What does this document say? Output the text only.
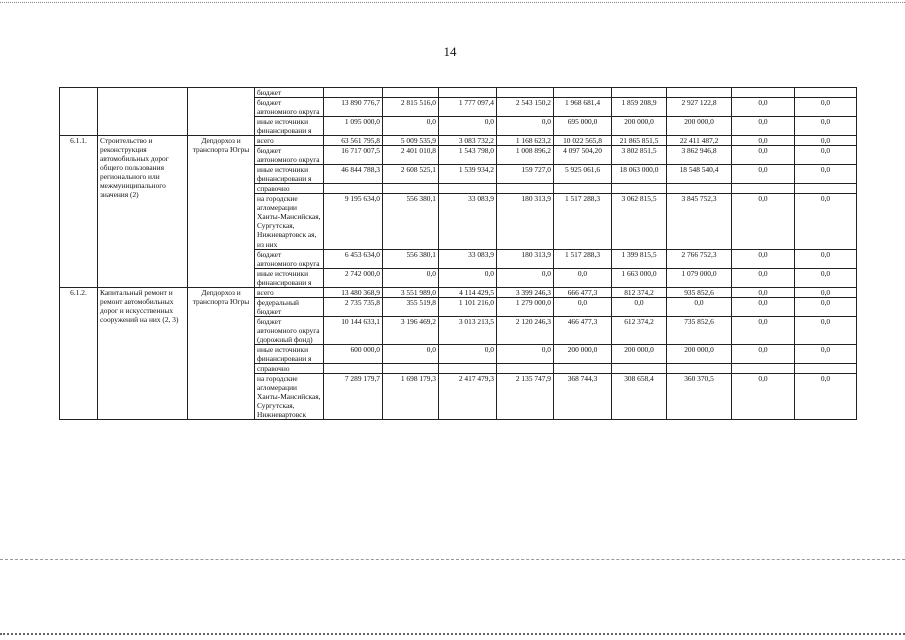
14
			бюджет									
			бюджет автономного округа	13 890 776,7	2 815 516,0	1 777 097,4	2 543 150,2	1 968 681,4	1 859 208,9	2 927 122,8	0,0	0,0
			иные источники финансировани я	1 095 000,0	0,0	0,0	0,0	695 000,0	200 000,0	200 000,0	0,0	0,0
6.1.1.	Строительство и реконструкция автомобильных дорог общего пользования регионального или межмуниципального значения (2)	Депдорхоз и транспорта Югры	всего	63 561 795,8	5 009 535,9	3 083 732,2	1 168 623,2	10 022 565,8	21 865 851,5	22 411 487,2	0,0	0,0
			бюджет автономного округа	16 717 007,5	2 401 010,8	1 543 798,0	1 008 896,2	4 097 504,20	3 802 851,5	3 862 946,8	0,0	0,0
			иные источники финансировани я	46 844 788,3	2 608 525,1	1 539 934,2	159 727,0	5 925 061,6	18 063 000,0	18 548 540,4	0,0	0,0
			справочно									
			на городские агломерации Ханты-Мансийская, Сургутская, Нижневартовск ая, из них	9 195 634,0	556 380,1	33 083,9	180 313,9	1 517 288,3	3 062 815,5	3 845 752,3	0,0	0,0
			бюджет автономного округа	6 453 634,0	556 380,1	33 083,9	180 313,9	1 517 288,3	1 399 815,5	2 766 752,3	0,0	0,0
			иные источники финансировани я	2 742 000,0	0,0	0,0	0,0	0,0	1 663 000,0	1 079 000,0	0,0	0,0
6.1.2.	Капитальный ремонт и ремонт автомобильных дорог и искусственных сооружений на них (2, 3)	Депдорхоз и транспорта Югры	всего	13 480 368,9	3 551 989,0	4 114 429,5	3 399 246,3	666 477,3	812 374,2	935 852,6	0,0	0,0
			федеральный бюджет	2 735 735,8	355 519,8	1 101 216,0	1 279 000,0	0,0	0,0	0,0	0,0	0,0
			бюджет автономного округа (дорожный фонд)	10 144 633,1	3 196 469,2	3 013 213,5	2 120 246,3	466 477,3	612 374,2	735 852,6	0,0	0,0
			иные источники финансировани я	600 000,0	0,0	0,0	0,0	200 000,0	200 000,0	200 000,0	0,0	0,0
			справочно									
			на городские агломерации Ханты-Мансийская, Сургутская, Нижневартовск	7 289 179,7	1 698 179,3	2 417 479,3	2 135 747,9	368 744,3	308 658,4	360 370,5	0,0	0,0
